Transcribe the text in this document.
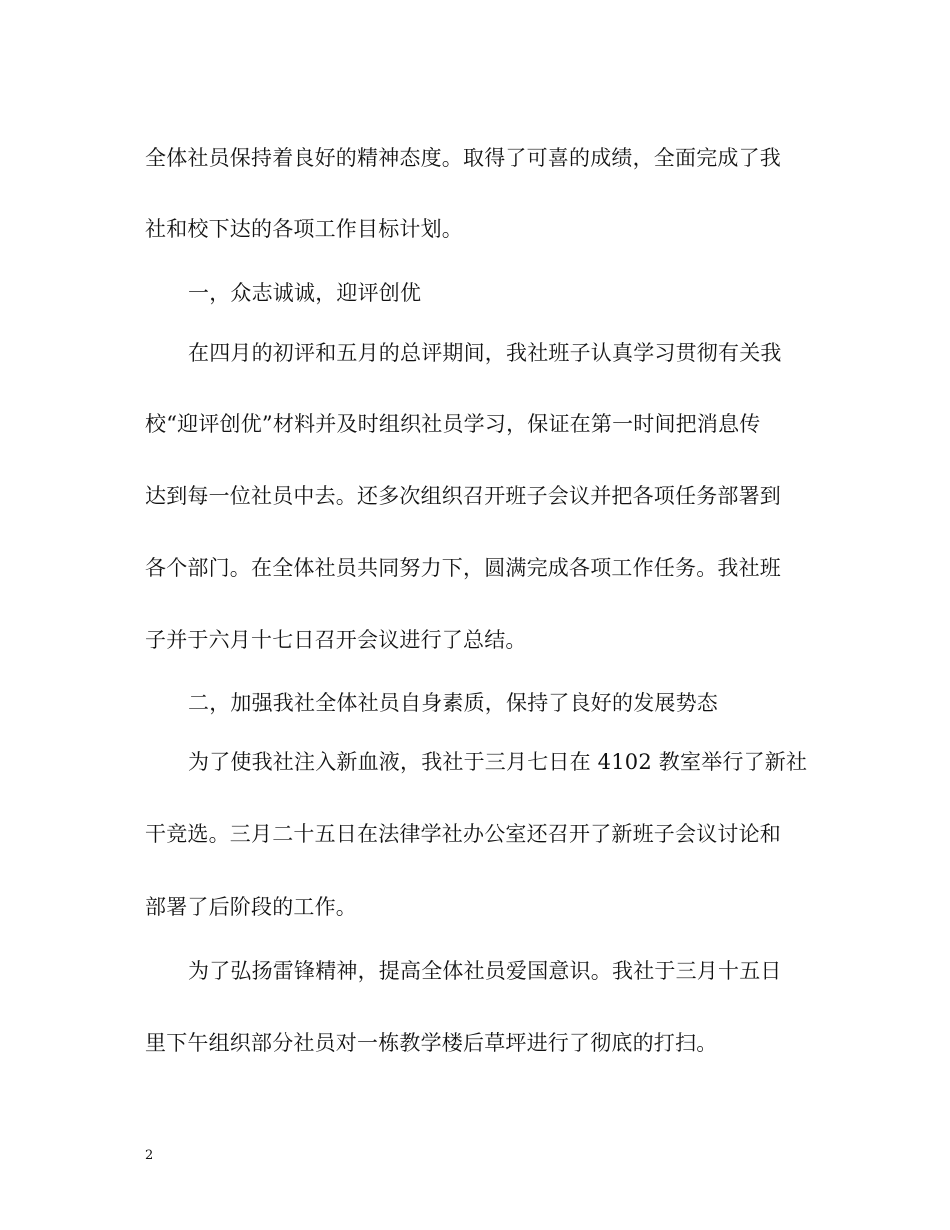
全体社员保持着良好的精神态度。取得了可喜的成绩，全面完成了我
社和校下达的各项工作目标计划。
一，众志诚诚，迎评创优
在四月的初评和五月的总评期间，我社班子认真学习贯彻有关我
校“迎评创优”材料并及时组织社员学习，保证在第一时间把消息传
达到每一位社员中去。还多次组织召开班子会议并把各项任务部署到
各个部门。在全体社员共同努力下，圆满完成各项工作任务。我社班
子并于六月十七日召开会议进行了总结。
二，加强我社全体社员自身素质，保持了良好的发展势态
为了使我社注入新血液，我社于三月七日在 4102 教室举行了新社
干竞选。三月二十五日在法律学社办公室还召开了新班子会议讨论和
部署了后阶段的工作。
为了弘扬雷锋精神，提高全体社员爱国意识。我社于三月十五日
里下午组织部分社员对一栋教学楼后草坪进行了彻底的打扫。
2
